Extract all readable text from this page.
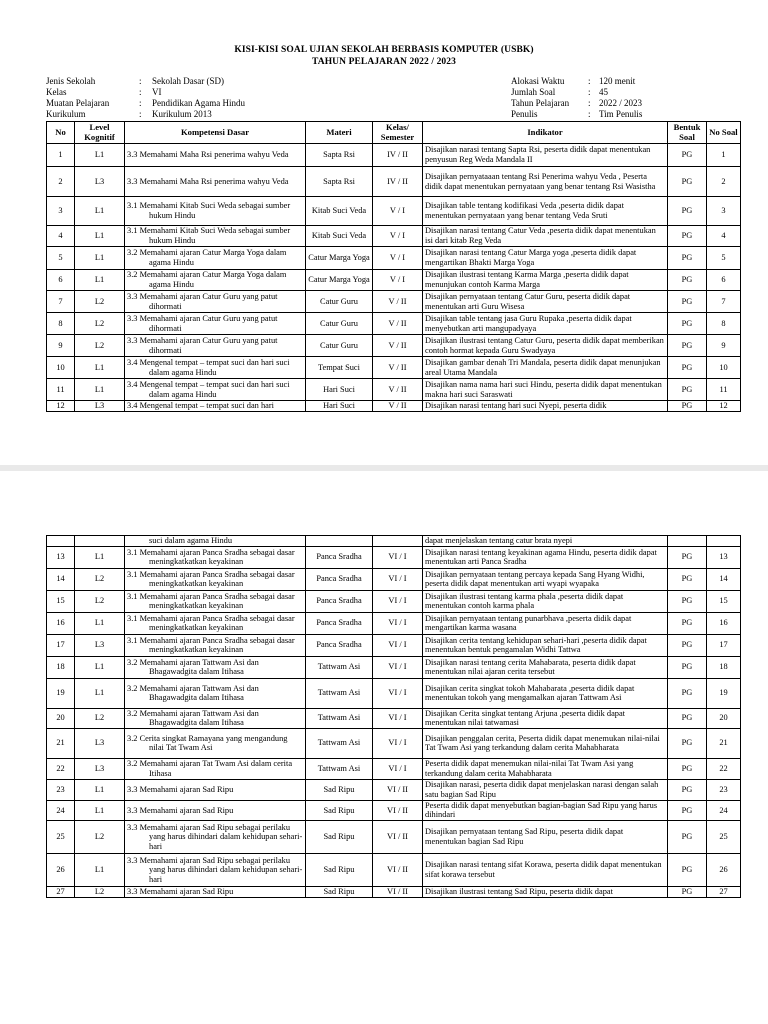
KISI-KISI SOAL UJIAN SEKOLAH BERBASIS KOMPUTER (USBK)
TAHUN PELAJARAN 2022 / 2023
Jenis Sekolah	: Sekolah Dasar (SD)
Kelas	: VI
Muatan Pelajaran	: Pendidikan Agama Hindu
Kurikulum	: Kurikulum 2013
Alokasi Waktu	: 120 menit
Jumlah Soal	: 45
Tahun Pelajaran : 2022 / 2023
Penulis	: Tim Penulis
No	Level Kognitif	Kompetensi Dasar	Materi	Kelas/ Semester	Indikator	Bentuk Soal	No Soal
1	L1	3.3 Memahami Maha Rsi penerima wahyu Veda	Sapta Rsi	IV / II	Disajikan narasi tentang Sapta Rsi, peserta didik dapat menentukan penyusun Reg Weda Mandala II	PG	1
2	L3	3.3 Memahami Maha Rsi penerima wahyu Veda	Sapta Rsi	IV / II	Disajikan pernyataaan tentang Rsi Penerima wahyu Veda , Peserta didik dapat menentukan pernyataan yang benar tentang Rsi Wasistha	PG	2
3	L1	3.1 Memahami Kitab Suci Weda sebagai sumber hukum Hindu	Kitab Suci Veda	V / I	Disajikan table tentang kodifikasi Veda ,peserta didik dapat menentukan pernyataan yang benar tentang Veda Sruti	PG	3
4	L1	3.1 Memahami Kitab Suci Weda sebagai sumber hukum Hindu	Kitab Suci Veda	V / I	Disajikan narasi tentang Catur Veda ,peserta didik dapat menentukan isi dari kitab Reg Veda	PG	4
5	L1	3.2 Memahami ajaran Catur Marga Yoga dalam agama Hindu	Catur Marga Yoga	V / I	Disajikan narasi tentang Catur Marga yoga ,peserta didik dapat mengartikan Bhakti Marga Yoga	PG	5
6	L1	3.2 Memahami ajaran Catur Marga Yoga dalam agama Hindu	Catur Marga Yoga	V / I	Disajikan ilustrasi tentang Karma Marga ,peserta didik dapat menunjukan contoh Karma Marga	PG	6
7	L2	3.3 Memahami ajaran Catur Guru yang patut dihormati	Catur Guru	V / II	Disajikan pernyataan tentang Catur Guru, peserta didik dapat menentukan arti Guru Wisesa	PG	7
8	L2	3.3 Memahami ajaran Catur Guru yang patut dihormati	Catur Guru	V / II	Disajikan table tentang jasa Guru Rupaka ,peserta didik dapat menyebutkan arti mangupadyaya	PG	8
9	L2	3.3 Memahami ajaran Catur Guru yang patut dihormati	Catur Guru	V / II	Disajikan ilustrasi tentang Catur Guru, peserta didik dapat memberikan contoh hormat kepada Guru Swadyaya	PG	9
10	L1	3.4 Mengenal tempat – tempat suci dan hari suci dalam agama Hindu	Tempat Suci	V / II	Disajikan gambar denah Tri Mandala, peserta didik dapat menunjukan areal Utama Mandala	PG	10
11	L1	3.4 Mengenal tempat – tempat suci dan hari suci dalam agama Hindu	Hari Suci	V / II	Disajikan nama nama hari suci Hindu, peserta didik dapat menentukan makna hari suci Saraswati	PG	11
12	L3	3.4 Mengenal tempat – tempat suci dan hari	Hari Suci	V / II	Disajikan narasi tentang hari suci Nyepi, peserta didik	PG	12

		suci dalam agama Hindu			dapat menjelaskan tentang catur brata nyepi		
13	L1	3.1 Memahami ajaran Panca Sradha sebagai dasar meningkatkatkan keyakinan	Panca Sradha	VI / I	Disajikan narasi tentang keyakinan agama Hindu, peserta didik dapat menentukan arti Panca Sradha	PG	13
14	L2	3.1 Memahami ajaran Panca Sradha sebagai dasar meningkatkatkan keyakinan	Panca Sradha	VI / I	Disajikan pernyataan tentang percaya kepada Sang Hyang Widhi, peserta didik dapat menentukan arti wyapi wyapaka	PG	14
15	L2	3.1 Memahami ajaran Panca Sradha sebagai dasar meningkatkatkan keyakinan	Panca Sradha	VI / I	Disajikan ilustrasi tentang karma phala ,peserta didik dapat menentukan contoh karma phala	PG	15
16	L1	3.1 Memahami ajaran Panca Sradha sebagai dasar meningkatkatkan keyakinan	Panca Sradha	VI / I	Disajikan pernyataan tentang punarbhava ,peserta didik dapat mengartikan karma wasana	PG	16
17	L3	3.1 Memahami ajaran Panca Sradha sebagai dasar meningkatkatkan keyakinan	Panca Sradha	VI / I	Disajikan cerita tentang kehidupan sehari-hari ,peserta didik dapat menentukan bentuk pengamalan Widhi Tattwa	PG	17
18	L1	3.2 Memahami ajaran Tattwam Asi dan Bhagawadgita dalam Itihasa	Tattwam Asi	VI / I	Disajikan narasi tentang cerita Mahabarata, peserta didik dapat menentukan nilai ajaran cerita tersebut	PG	18
19	L1	3.2 Memahami ajaran Tattwam Asi dan Bhagawadgita dalam Itihasa	Tattwam Asi	VI / I	Disajikan cerita singkat tokoh Mahabarata ,peserta didik dapat menentukan tokoh yang mengamalkan ajaran Tattwam Asi	PG	19
20	L2	3.2 Memahami ajaran Tattwam Asi dan Bhagawadgita dalam Itihasa	Tattwam Asi	VI / I	Disajikan Cerita singkat tentang Arjuna ,peserta didik dapat menentukan nilai tatwamasi	PG	20
21	L3	3.2 Cerita singkat Ramayana yang mengandung nilai Tat Twam Asi	Tattwam Asi	VI / I	Disajikan penggalan cerita, Peserta didik dapat menemukan nilai-nilai Tat Twam Asi yang terkandung dalam cerita Mahabharata	PG	21
22	L3	3.2 Memahami ajaran Tat Twam Asi dalam cerita Itihasa	Tattwam Asi	VI / I	Peserta didik dapat menemukan nilai-nilai Tat Twam Asi yang terkandung dalam cerita Mahabharata	PG	22
23	L1	3.3 Memahami ajaran Sad Ripu	Sad Ripu	VI / II	Disajikan narasi, peserta didik dapat menjelaskan narasi dengan salah satu bagian Sad Ripu	PG	23
24	L1	3.3 Memahami ajaran Sad Ripu	Sad Ripu	VI / II	Peserta didik dapat menyebutkan bagian-bagian Sad Ripu yang harus dihindari	PG	24
25	L2	3.3 Memahami ajaran Sad Ripu sebagai perilaku yang harus dihindari dalam kehidupan sehari-hari	Sad Ripu	VI / II	Disajikan pernyataan tentang Sad Ripu, peserta didik dapat menentukan bagian Sad Ripu	PG	25
26	L1	3.3 Memahami ajaran Sad Ripu sebagai perilaku yang harus dihindari dalam kehidupan sehari-hari	Sad Ripu	VI / II	Disajikan narasi tentang sifat Korawa, peserta didik dapat menentukan sifat korawa tersebut	PG	26
27	L2	3.3 Memahami ajaran Sad Ripu	Sad Ripu	VI / II	Disajikan ilustrasi tentang Sad Ripu, peserta didik dapat	PG	27
